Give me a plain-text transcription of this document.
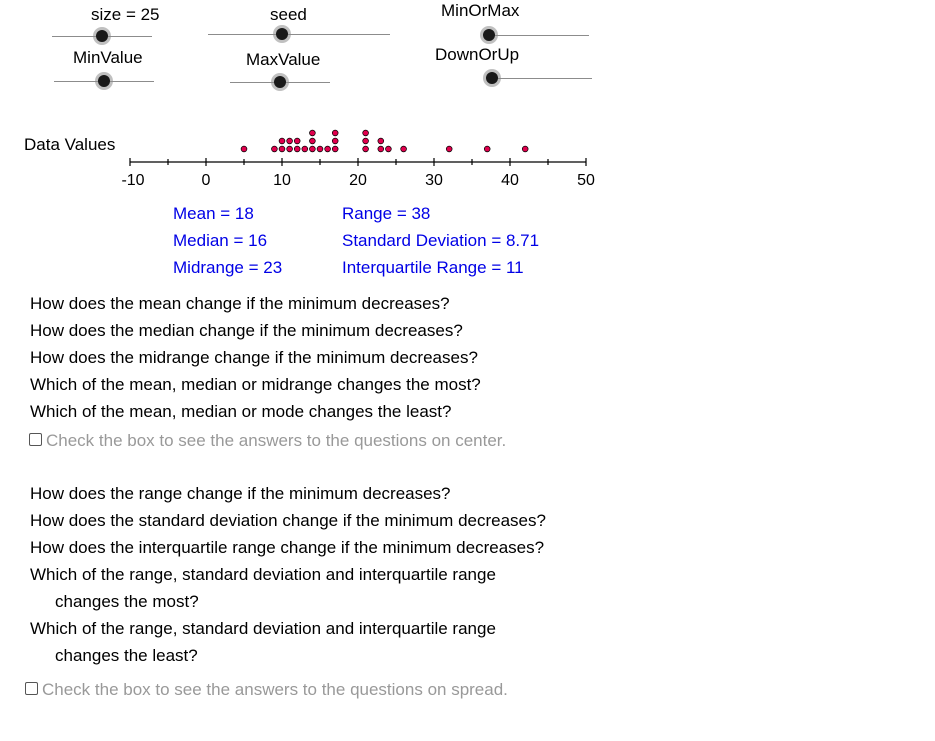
size = 25	seed	MinOrMax
MinValue	MaxValue	DownOrUp
Data Values
-10	0	10	20	30	40	50
Mean = 18
Median = 16
Midrange = 23
Range = 38
Standard Deviation = 8.71
Interquartile Range = 11
How does the mean change if the minimum decreases?
How does the median change if the minimum decreases?
How does the midrange change if the minimum decreases?
Which of the mean, median or midrange changes the most?
Which of the mean, median or mode changes the least?
Check the box to see the answers to the questions on center.
How does the range change if the minimum decreases?
How does the standard deviation change if the minimum decreases?
How does the interquartile range change if the minimum decreases?
Which of the range, standard deviation and interquartile range
changes the most?
Which of the range, standard deviation and interquartile range
changes the least?
Check the box to see the answers to the questions on spread.
